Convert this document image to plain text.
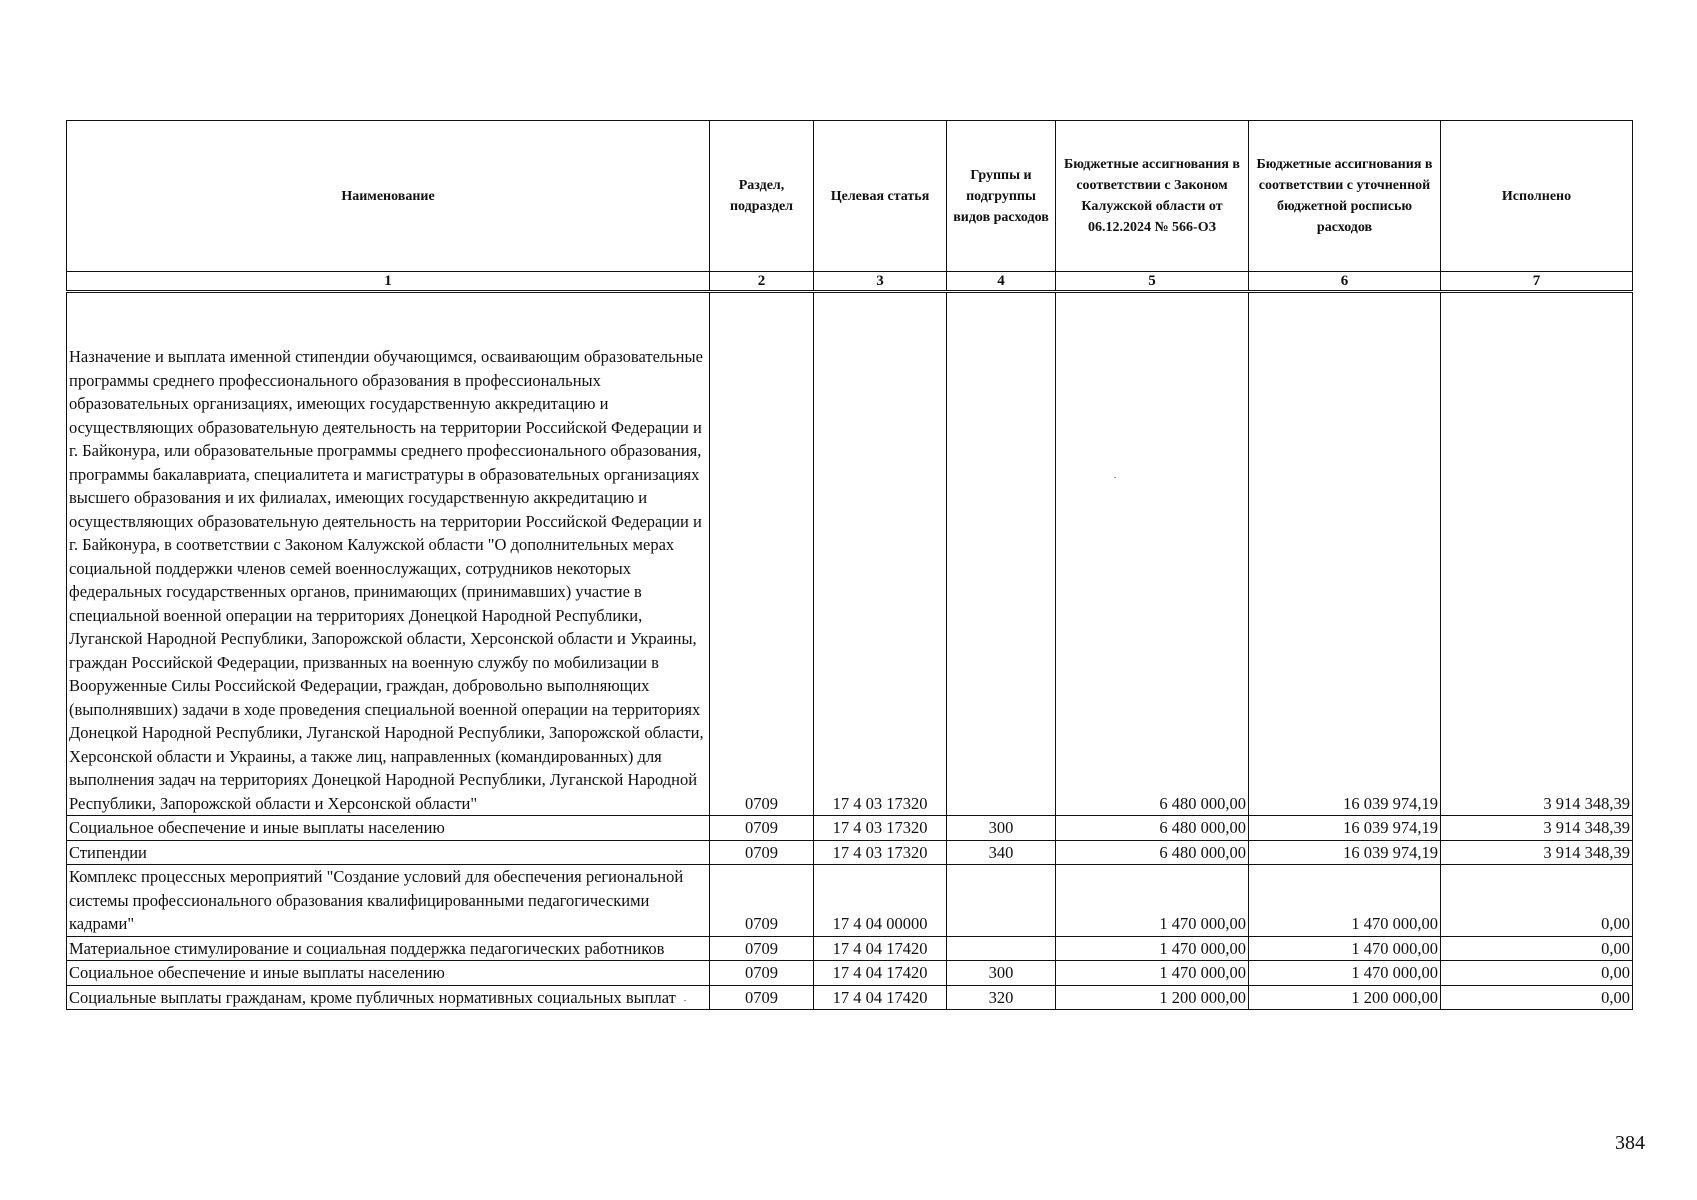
Наименование	Раздел, подраздел	Целевая статья	Группы и подгруппы видов расходов	Бюджетные ассигнования в соответствии с Законом Калужской области от 06.12.2024 № 566-ОЗ	Бюджетные ассигнования в соответствии с уточненной бюджетной росписью расходов	Исполнено
1	2	3	4	5	6	7
Назначение и выплата именной стипендии обучающимся, осваивающим образовательные программы среднего профессионального образования в профессиональных образовательных организациях, имеющих государственную аккредитацию и осуществляющих образовательную деятельность на территории Российской Федерации и г. Байконура, или образовательные программы среднего профессионального образования, программы бакалавриата, специалитета и магистратуры в образовательных организациях высшего образования и их филиалах, имеющих государственную аккредитацию и осуществляющих образовательную деятельность на территории Российской Федерации и г. Байконура, в соответствии с Законом Калужской области "О дополнительных мерах социальной поддержки членов семей военнослужащих, сотрудников некоторых федеральных государственных органов, принимающих (принимавших) участие в специальной военной операции на территориях Донецкой Народной Республики, Луганской Народной Республики, Запорожской области, Херсонской области и Украины, граждан Российской Федерации, призванных на военную службу по мобилизации в Вооруженные Силы Российской Федерации, граждан, добровольно выполняющих (выполнявших) задачи в ходе проведения специальной военной операции на территориях Донецкой Народной Республики, Луганской Народной Республики, Запорожской области, Херсонской области и Украины, а также лиц, направленных (командированных) для выполнения задач на территориях Донецкой Народной Республики, Луганской Народной Республики, Запорожской области и Херсонской области"	0709	17 4 03 17320		6 480 000,00	16 039 974,19	3 914 348,39
Социальное обеспечение и иные выплаты населению	0709	17 4 03 17320	300	6 480 000,00	16 039 974,19	3 914 348,39
Стипендии	0709	17 4 03 17320	340	6 480 000,00	16 039 974,19	3 914 348,39
Комплекс процессных мероприятий "Создание условий для обеспечения региональной системы профессионального образования квалифицированными педагогическими кадрами"	0709	17 4 04 00000		1 470 000,00	1 470 000,00	0,00
Материальное стимулирование и социальная поддержка педагогических работников	0709	17 4 04 17420		1 470 000,00	1 470 000,00	0,00
Социальное обеспечение и иные выплаты населению	0709	17 4 04 17420	300	1 470 000,00	1 470 000,00	0,00
Социальные выплаты гражданам, кроме публичных нормативных социальных выплат	0709	17 4 04 17420	320	1 200 000,00	1 200 000,00	0,00
384
